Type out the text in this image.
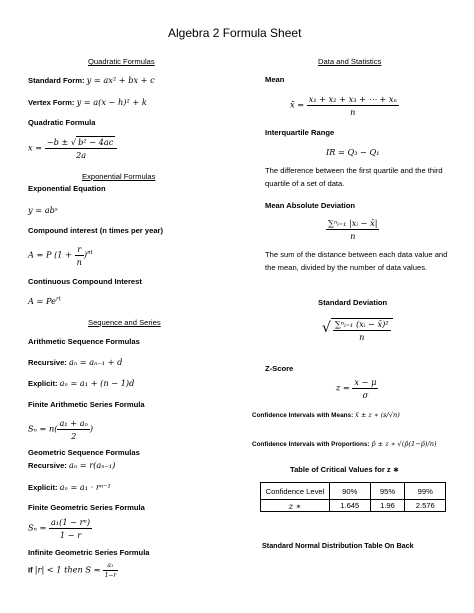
Algebra 2 Formula Sheet
Quadratic Formulas
Standard Form: y = ax² + bx + c
Vertex Form: y = a(x − h)² + k
Quadratic Formula
$x = \frac{\text{−b ± √ b² − 4ac}}{2a}$
Exponential Formulas
Exponential Equation
y = abˣ
Compound interest (n times per year)
A = P $(1 + \frac{r}{n} )^{nt}$
Continuous Compound Interest
$A = Pe^{rt}$
Sequence and Series
Arithmetic Sequence Formulas
Recursive: aₙ = aₙ₋₁ + d
Explicit: aₙ = a₁ + (n − 1)d
Finite Arithmetic Series Formula
$S_n = n( \frac{\text{a₁ + aₙ}}{2}$ )
Geometric Sequence Formulas
Recursive: aₙ = r(aₙ₋₁)
Explicit: aₙ = a₁ · rⁿ⁻¹
Finite Geometric Series Formula
$S_n = \frac{\text{a₁(1 − rⁿ)}}{1 - r}$
Infinite Geometric Series Formula
If |r| < 1 then $S = \frac{\text{a₁}}{1-r}$
Data and Statistics
Mean
x̄ = $\frac{\text{x₁ + x₂ + x₃ + ⋯ + xₙ}}{n}$
Interquartile Range
IR = Q₃ − Q₁
The difference between the first quartile and the third quartile of a set of data.
Mean Absolute Deviation
$\frac{\text{∑ⁿᵢ₌₁ |xᵢ − x̄|}}{n}$
The sum of the distance between each data value and the mean, divided by the number of data values.
Standard Deviation
√ $\frac{\text{∑ⁿᵢ₌₁ (xᵢ − x̄)²}}{n}$
Z-Score
$z = \frac{x - \mu}{\sigma}$
Confidence Intervals with Means: x̄ ± z ∗ (s/√n)
Confidence Intervals with Proportions: p̂ ± z ∗ √(p̂(1−p̂)/n)
Table of Critical Values for z ∗
Confidence Level	90%	95%	99%
z ∗	1.645	1.96	2.576
Standard Normal Distribution Table On Back
